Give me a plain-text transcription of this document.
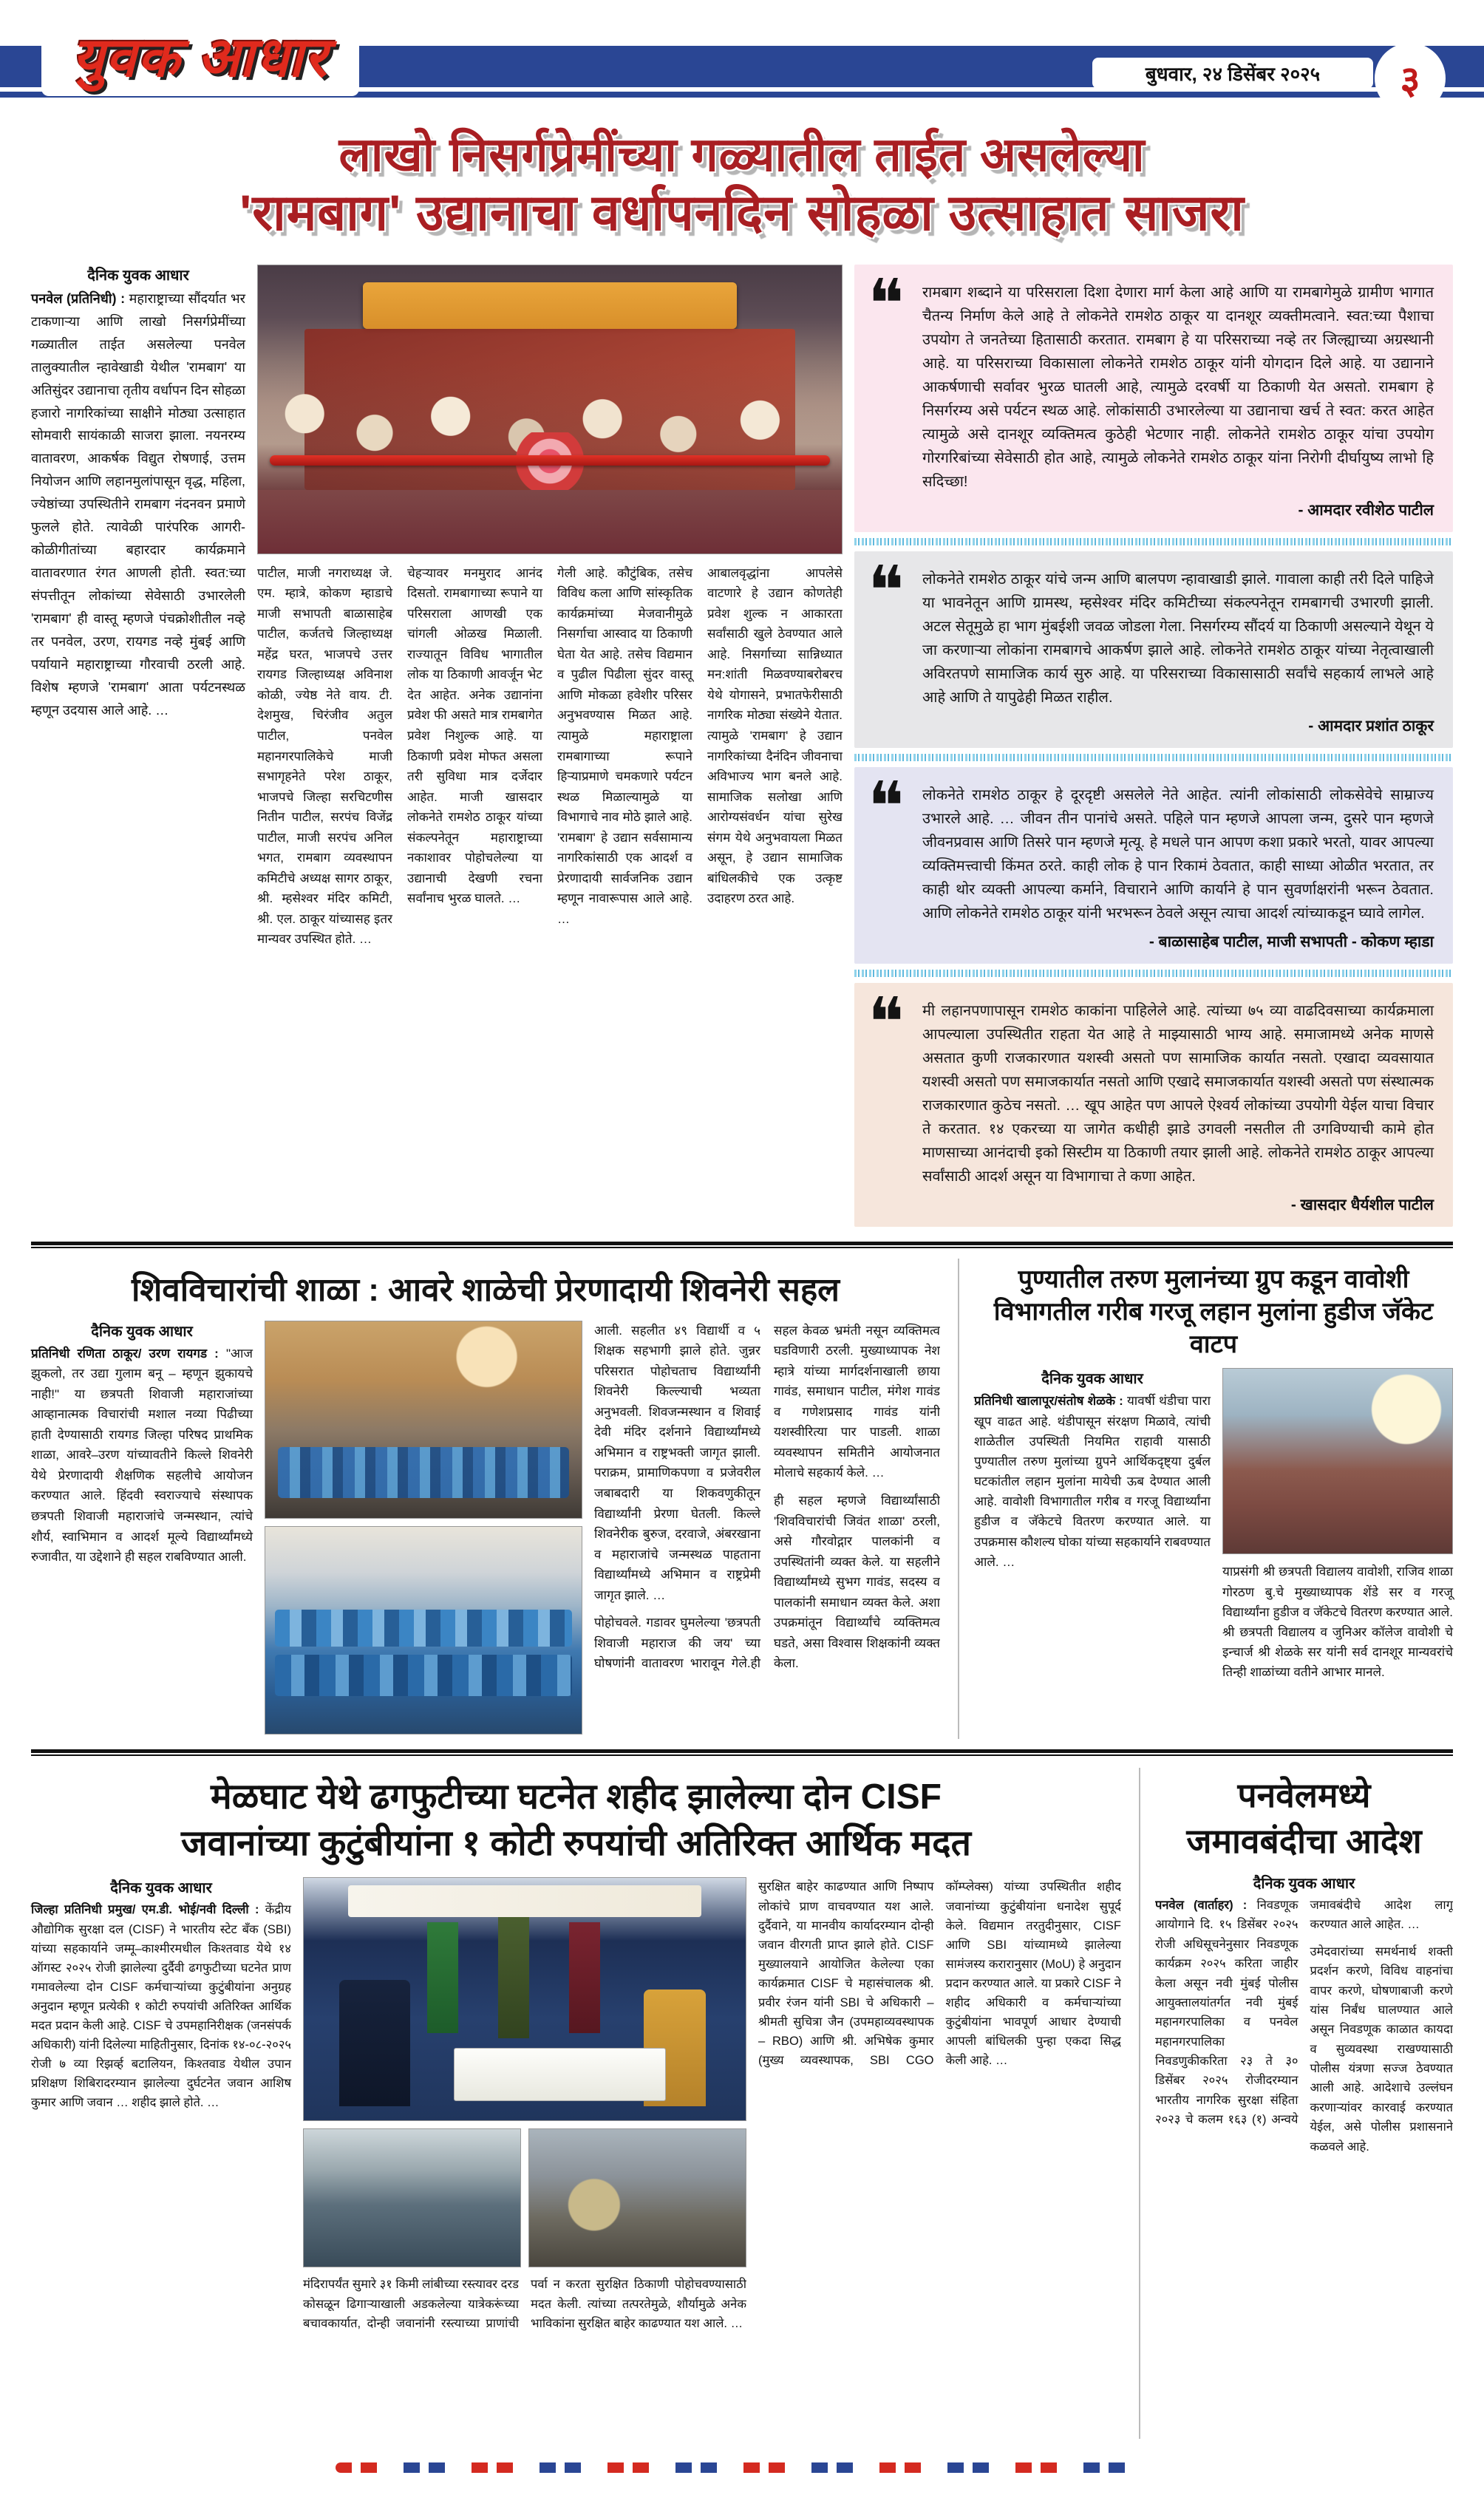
युवक आधार	बुधवार, २४ डिसेंबर २०२५ ३
लाखो निसर्गप्रेमींच्या गळ्यातील ताईत असलेल्या
'रामबाग' उद्यानाचा वर्धापनदिन सोहळा उत्साहात साजरा
दैनिक युवक आधार

पनवेल (प्रतिनिधी) : महाराष्ट्राच्या सौंदर्यात भर टाकणाऱ्या आणि लाखो निसर्गप्रेमींच्या गळ्यातील ताईत असलेल्या पनवेल तालुक्यातील न्हावेखाडी येथील 'रामबाग' या अतिसुंदर उद्यानाचा तृतीय वर्धापन दिन सोहळा हजारो नागरिकांच्या साक्षीने मोठ्या उत्साहात सोमवारी सायंकाळी साजरा झाला. नयनरम्य वातावरण, आकर्षक विद्युत रोषणाई, उत्तम नियोजन आणि लहानमुलांपासून वृद्ध, महिला, ज्येष्ठांच्या उपस्थितीने रामबाग नंदनवन प्रमाणे फुलले होते. त्यावेळी पारंपरिक आगरी-कोळीगीतांच्या बहारदार कार्यक्रमाने वातावरणात रंगत आणली होती. स्वत:च्या संपत्तीतून लोकांच्या सेवेसाठी उभारलेली 'रामबाग' ही वास्तू म्हणजे पंचक्रोशीतील नव्हे तर पनवेल, उरण, रायगड नव्हे मुंबई आणि पर्यायाने महाराष्ट्राच्या गौरवाची ठरली आहे. विशेष म्हणजे 'रामबाग' आता पर्यटनस्थळ म्हणून उदयास आले आहे. …

पाटील, माजी नगराध्यक्ष जे. एम. म्हात्रे, कोकण म्हाडाचे माजी सभापती बाळासाहेब पाटील, कर्जतचे जिल्हाध्यक्ष महेंद्र घरत, भाजपचे उत्तर रायगड जिल्हाध्यक्ष अविनाश कोळी, ज्येष्ठ नेते वाय. टी. देशमुख, चिरंजीव अतुल पाटील, पनवेल महानगरपालिकेचे माजी सभागृहनेते परेश ठाकूर, भाजपचे जिल्हा सरचिटणीस नितीन पाटील, सरपंच विजेंद्र पाटील, माजी सरपंच अनिल भगत, रामबाग व्यवस्थापन कमिटीचे अध्यक्ष सागर ठाकूर, श्री. म्हसेश्वर मंदिर कमिटी, श्री. एल. ठाकूर यांच्यासह इतर मान्यवर उपस्थित होते. …

चेहऱ्यावर मनमुराद आनंद दिसतो. रामबागाच्या रूपाने या परिसराला आणखी एक चांगली ओळख मिळाली. राज्यातून विविध भागातील लोक या ठिकाणी आवर्जून भेट देत आहेत. अनेक उद्यानांना प्रवेश फी असते मात्र रामबागेत प्रवेश निशुल्क आहे. या ठिकाणी प्रवेश मोफत असला तरी सुविधा मात्र दर्जेदार आहेत. माजी खासदार लोकनेते रामशेठ ठाकूर यांच्या संकल्पनेतून महाराष्ट्राच्या नकाशावर पोहोचलेल्या या उद्यानाची देखणी रचना सर्वांनाच भुरळ घालते. …

गेली आहे. कौटुंबिक, तसेच विविध कला आणि सांस्कृतिक कार्यक्रमांच्या मेजवानीमुळे निसर्गाचा आस्वाद या ठिकाणी घेता येत आहे. तसेच विद्यमान व पुढील पिढीला सुंदर वास्तू आणि मोकळा हवेशीर परिसर अनुभवण्यास मिळत आहे. त्यामुळे महाराष्ट्राला रामबागाच्या रूपाने हिऱ्याप्रमाणे चमकणारे पर्यटन स्थळ मिळाल्यामुळे या विभागाचे नाव मोठे झाले आहे. 'रामबाग' हे उद्यान सर्वसामान्य नागरिकांसाठी एक आदर्श व प्रेरणादायी सार्वजनिक उद्यान म्हणून नावारूपास आले आहे. …

आबालवृद्धांना आपलेसे वाटणारे हे उद्यान कोणतेही प्रवेश शुल्क न आकारता सर्वांसाठी खुले ठेवण्यात आले आहे. निसर्गाच्या सान्निध्यात मन:शांती मिळवण्याबरोबरच येथे योगासने, प्रभातफेरीसाठी नागरिक मोठ्या संख्येने येतात. त्यामुळे 'रामबाग' हे उद्यान नागरिकांच्या दैनंदिन जीवनाचा अविभाज्य भाग बनले आहे. सामाजिक सलोखा आणि आरोग्यसंवर्धन यांचा सुरेख संगम येथे अनुभवायला मिळत असून, हे उद्यान सामाजिक बांधिलकीचे एक उत्कृष्ट उदाहरण ठरत आहे.

❝ रामबाग शब्दाने या परिसराला दिशा देणारा मार्ग केला आहे आणि या रामबागेमुळे ग्रामीण भागात चैतन्य निर्माण केले आहे ते लोकनेते रामशेठ ठाकूर या दानशूर व्यक्तीमत्वाने. स्वत:च्या पैशाचा उपयोग ते जनतेच्या हितासाठी करतात. रामबाग हे या परिसराच्या नव्हे तर जिल्ह्याच्या अग्रस्थानी आहे. या परिसराच्या विकासाला लोकनेते रामशेठ ठाकूर यांनी योगदान दिले आहे. या उद्यानाने आकर्षणाची सर्वावर भुरळ घातली आहे, त्यामुळे दरवर्षी या ठिकाणी येत असतो. रामबाग हे निसर्गरम्य असे पर्यटन स्थळ आहे. लोकांसाठी उभारलेल्या या उद्यानाचा खर्च ते स्वत: करत आहेत त्यामुळे असे दानशूर व्यक्तिमत्व कुठेही भेटणार नाही. लोकनेते रामशेठ ठाकूर यांचा उपयोग गोरगरिबांच्या सेवेसाठी होत आहे, त्यामुळे लोकनेते रामशेठ ठाकूर यांना निरोगी दीर्घायुष्य लाभो हि सदिच्छा!

- आमदार रवीशेठ पाटील

❝ लोकनेते रामशेठ ठाकूर यांचे जन्म आणि बालपण न्हावाखाडी झाले. गावाला काही तरी दिले पाहिजे या भावनेतून आणि ग्रामस्थ, म्हसेश्वर मंदिर कमिटीच्या संकल्पनेतून रामबागची उभारणी झाली. अटल सेतूमुळे हा भाग मुंबईशी जवळ जोडला गेला. निसर्गरम्य सौंदर्य या ठिकाणी असल्याने येथून ये जा करणाऱ्या लोकांना रामबागचे आकर्षण झाले आहे. लोकनेते रामशेठ ठाकूर यांच्या नेतृत्वाखाली अविरतपणे सामाजिक कार्य सुरु आहे. या परिसराच्या विकासासाठी सर्वांचे सहकार्य लाभले आहे आहे आणि ते यापुढेही मिळत राहील.

- आमदार प्रशांत ठाकूर

❝ लोकनेते रामशेठ ठाकूर हे दूरदृष्टी असलेले नेते आहेत. त्यांनी लोकांसाठी लोकसेवेचे साम्राज्य उभारले आहे. … जीवन तीन पानांचे असते. पहिले पान म्हणजे आपला जन्म, दुसरे पान म्हणजे जीवनप्रवास आणि तिसरे पान म्हणजे मृत्यू. हे मधले पान आपण कशा प्रकारे भरतो, यावर आपल्या व्यक्तिमत्त्वाची किंमत ठरते. काही लोक हे पान रिकामं ठेवतात, काही साध्या ओळीत भरतात, तर काही थोर व्यक्ती आपल्या कर्माने, विचाराने आणि कार्याने हे पान सुवर्णाक्षरांनी भरून ठेवतात. आणि लोकनेते रामशेठ ठाकूर यांनी भरभरून ठेवले असून त्याचा आदर्श त्यांच्याकडून घ्यावे लागेल.

- बाळासाहेब पाटील, माजी सभापती - कोकण म्हाडा

❝ मी लहानपणापासून रामशेठ काकांना पाहिलेले आहे. त्यांच्या ७५ व्या वाढदिवसाच्या कार्यक्रमाला आपल्याला उपस्थितीत राहता येत आहे ते माझ्यासाठी भाग्य आहे. समाजामध्ये अनेक माणसे असतात कुणी राजकारणात यशस्वी असतो पण सामाजिक कार्यात नसतो. एखादा व्यवसायात यशस्वी असतो पण समाजकार्यात नसतो आणि एखादे समाजकार्यात यशस्वी असतो पण संस्थात्मक राजकारणात कुठेच नसतो. … खूप आहेत पण आपले ऐश्वर्य लोकांच्या उपयोगी येईल याचा विचार ते करतात. १४ एकरच्या या जागेत कधीही झाडे उगवली नसतील ती उगविण्याची कामे होत माणसाच्या आनंदाची इको सिस्टीम या ठिकाणी तयार झाली आहे. लोकनेते रामशेठ ठाकूर आपल्या सर्वांसाठी आदर्श असून या विभागाचा ते कणा आहेत.

- खासदार धैर्यशील पाटील

शिवविचारांची शाळा : आवरे शाळेची प्रेरणादायी शिवनेरी सहल
दैनिक युवक आधार

प्रतिनिधी रणिता ठाकूर/ उरण रायगड : "आज झुकलो, तर उद्या गुलाम बनू – म्हणून झुकायचे नाही!" या छत्रपती शिवाजी महाराजांच्या आव्हानात्मक विचारांची मशाल नव्या पिढीच्या हाती देण्यासाठी रायगड जिल्हा परिषद प्राथमिक शाळा, आवरे–उरण यांच्यावतीने किल्ले शिवनेरी येथे प्रेरणादायी शैक्षणिक सहलीचे आयोजन करण्यात आले. हिंदवी स्वराज्याचे संस्थापक छत्रपती शिवाजी महाराजांचे जन्मस्थान, त्यांचे शौर्य, स्वाभिमान व आदर्श मूल्ये विद्यार्थ्यांमध्ये रुजावीत, या उद्देशाने ही सहल राबविण्यात आली.

आली. सहलीत ४९ विद्यार्थी व ५ शिक्षक सहभागी झाले होते. जुन्नर परिसरात पोहोचताच विद्यार्थ्यांनी शिवनेरी किल्ल्याची भव्यता अनुभवली. शिवजन्मस्थान व शिवाई देवी मंदिर दर्शनाने विद्यार्थ्यांमध्ये अभिमान व राष्ट्रभक्ती जागृत झाली. पराक्रम, प्रामाणिकपणा व प्रजेवरील जबाबदारी या शिकवणुकीतून विद्यार्थ्यांनी प्रेरणा घेतली. किल्ले शिवनेरीक बुरुज, दरवाजे, अंबरखाना व महाराजांचे जन्मस्थळ पाहताना विद्यार्थ्यांमध्ये अभिमान व राष्ट्रप्रेमी जागृत झाले. …

पोहोचवले. गडावर घुमलेल्या 'छत्रपती शिवाजी महाराज की जय' च्या घोषणांनी वातावरण भारावून गेले.ही सहल केवळ भ्रमंती नसून व्यक्तिमत्व घडविणारी ठरली. मुख्याध्यापक नेश म्हात्रे यांच्या मार्गदर्शनाखाली छाया गावंड, समाधान पाटील, मंगेश गावंड व गणेशप्रसाद गावंड यांनी यशस्वीरित्या पार पाडली. शाळा व्यवस्थापन समितीने आयोजनात मोलाचे सहकार्य केले. …

ही सहल म्हणजे विद्यार्थ्यांसाठी 'शिवविचारांची जिवंत शाळा' ठरली, असे गौरवोद्गार पालकांनी व उपस्थितांनी व्यक्त केले. या सहलीने विद्यार्थ्यांमध्ये सुभग गावंड, सदस्य व पालकांनी समाधान व्यक्त केले. अशा उपक्रमांतून विद्यार्थ्यांचे व्यक्तिमत्व घडते, असा विश्वास शिक्षकांनी व्यक्त केला.

पुण्यातील तरुण मुलानंच्या ग्रुप कडून वावोशी
विभागतील गरीब गरजू लहान मुलांना हुडीज जॅकेट वाटप
दैनिक युवक आधार

प्रतिनिधी खालापूर/संतोष शेळके : यावर्षी थंडीचा पारा खूप वाढत आहे. थंडीपासून संरक्षण मिळावे, त्यांची शाळेतील उपस्थिती नियमित राहावी यासाठी पुण्यातील तरुण मुलांच्या ग्रुपने आर्थिकदृष्ट्या दुर्बल घटकांतील लहान मुलांना मायेची ऊब देण्यात आली आहे. वावोशी विभागातील गरीब व गरजू विद्यार्थ्यांना हुडीज व जॅकेटचे वितरण करण्यात आले. या उपक्रमास कौशल्य घोका यांच्या सहकार्याने राबवण्यात आले. …

याप्रसंगी श्री छत्रपती विद्यालय वावोशी, राजिव शाळा गोरठण बु.चे मुख्याध्यापक शेंडे सर व गरजू विद्यार्थ्यांना हुडीज व जॅकेटचे वितरण करण्यात आले. श्री छत्रपती विद्यालय व जुनिअर कॉलेज वावोशी चे इन्चार्ज श्री शेळके सर यांनी सर्व दानशूर मान्यवरांचे तिन्ही शाळांच्या वतीने आभार मानले.

मेळघाट येथे ढगफुटीच्या घटनेत शहीद झालेल्या दोन CISF
जवानांच्या कुटुंबीयांना १ कोटी रुपयांची अतिरिक्त आर्थिक मदत
दैनिक युवक आधार

जिल्हा प्रतिनिधी प्रमुख/ एम.डी. भोई/नवी दिल्ली : केंद्रीय औद्योगिक सुरक्षा दल (CISF) ने भारतीय स्टेट बँक (SBI) यांच्या सहकार्याने जम्मू–काश्मीरमधील किश्तवाड येथे १४ ऑगस्ट २०२५ रोजी झालेल्या दुर्दैवी ढगफुटीच्या घटनेत प्राण गमावलेल्या दोन CISF कर्मचाऱ्यांच्या कुटुंबीयांना अनुग्रह अनुदान म्हणून प्रत्येकी १ कोटी रुपयांची अतिरिक्त आर्थिक मदत प्रदान केली आहे. CISF चे उपमहानिरीक्षक (जनसंपर्क अधिकारी) यांनी दिलेल्या माहितीनुसार, दिनांक १४-०८-२०२५ रोजी ७ व्या रिझर्व्ह बटालियन, किश्तवाड येथील उपान प्रशिक्षण शिबिरादरम्यान झालेल्या दुर्घटनेत जवान आशिष कुमार आणि जवान … शहीद झाले होते. …

मंदिरापर्यंत सुमारे ३१ किमी लांबीच्या रस्त्यावर दरड कोसळून ढिगाऱ्याखाली अडकलेल्या यात्रेकरूंच्या बचावकार्यात, दोन्ही जवानांनी रस्त्याच्या प्राणांची पर्वा न करता सुरक्षित ठिकाणी पोहोचवण्यासाठी मदत केली. त्यांच्या तत्परतेमुळे, शौर्यामुळे अनेक भाविकांना सुरक्षित बाहेर काढण्यात यश आले. …

सुरक्षित बाहेर काढण्यात आणि निष्पाप लोकांचे प्राण वाचवण्यात यश आले. दुर्दैवाने, या मानवीय कार्यादरम्यान दोन्ही जवान वीरगती प्राप्त झाले होते. CISF मुख्यालयाने आयोजित केलेल्या एका कार्यक्रमात CISF चे महासंचालक श्री. प्रवीर रंजन यांनी SBI चे अधिकारी – श्रीमती सुचित्रा जैन (उपमहाव्यवस्थापक – RBO) आणि श्री. अभिषेक कुमार (मुख्य व्यवस्थापक, SBI CGO कॉम्प्लेक्स) यांच्या उपस्थितीत शहीद जवानांच्या कुटुंबीयांना धनादेश सुपूर्द केले. विद्यमान तरतुदीनुसार, CISF आणि SBI यांच्यामध्ये झालेल्या सामंजस्य करारानुसार (MoU) हे अनुदान प्रदान करण्यात आले. या प्रकारे CISF ने शहीद अधिकारी व कर्मचाऱ्यांच्या कुटुंबीयांना भावपूर्ण आधार देण्याची आपली बांधिलकी पुन्हा एकदा सिद्ध केली आहे. …

पनवेलमध्ये
जमावबंदीचा आदेश
दैनिक युवक आधार

पनवेल (वार्ताहर) : निवडणूक आयोगाने दि. १५ डिसेंबर २०२५ रोजी अधिसूचनेनुसार निवडणूक कार्यक्रम २०२५ करिता जाहीर केला असून नवी मुंबई पोलीस आयुक्तालयांतर्गत नवी मुंबई महानगरपालिका व पनवेल महानगरपालिका निवडणुकीकरिता २३ ते ३० डिसेंबर २०२५ रोजीदरम्यान भारतीय नागरिक सुरक्षा संहिता २०२३ चे कलम १६३ (१) अन्वये जमावबंदीचे आदेश लागू करण्यात आले आहेत. …

उमेदवारांच्या समर्थनार्थ शक्ती प्रदर्शन करणे, विविध वाहनांचा वापर करणे, घोषणाबाजी करणे यांस निर्बंध घालण्यात आले असून निवडणूक काळात कायदा व सुव्यवस्था राखण्यासाठी पोलीस यंत्रणा सज्ज ठेवण्यात आली आहे. आदेशाचे उल्लंघन करणाऱ्यांवर कारवाई करण्यात येईल, असे पोलीस प्रशासनाने कळवले आहे.
